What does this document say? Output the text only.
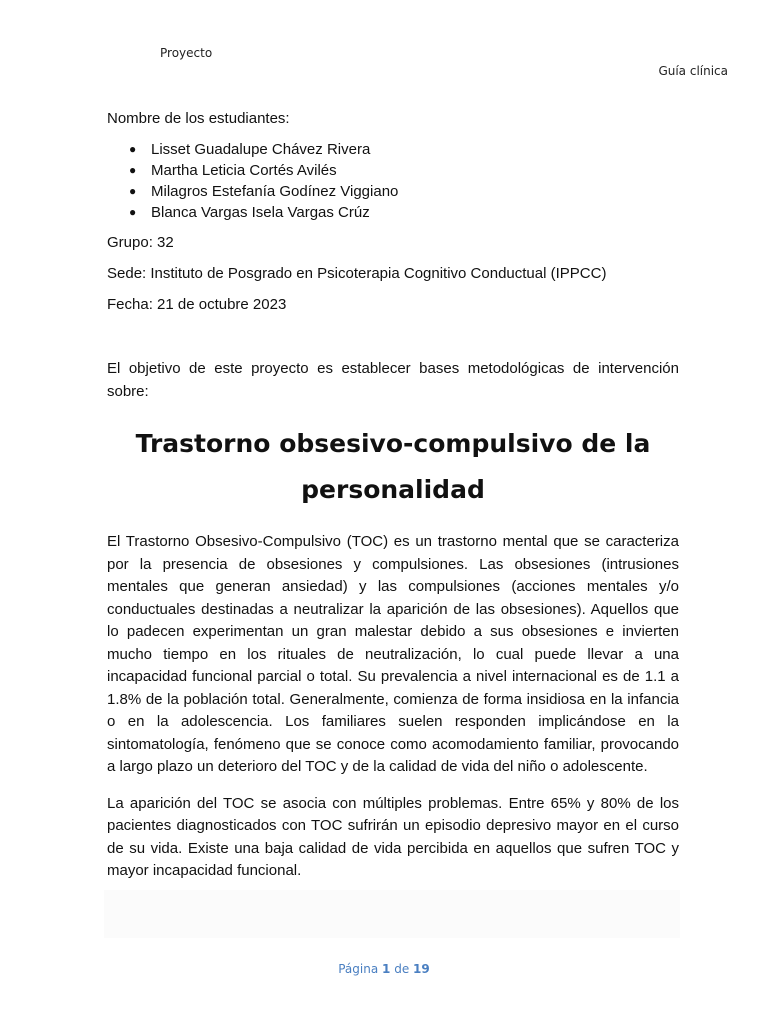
Proyecto
Guía clínica

Nombre de los estudiantes:

● Lisset Guadalupe Chávez Rivera
● Martha Leticia Cortés Avilés
● Milagros Estefanía Godínez Viggiano
● Blanca Vargas Isela Vargas Crúz

Grupo: 32

Sede: Instituto de Posgrado en Psicoterapia Cognitivo Conductual (IPPCC)

Fecha: 21 de octubre 2023

El objetivo de este proyecto es establecer bases metodológicas de intervención sobre:

Trastorno obsesivo-compulsivo de la personalidad

El Trastorno Obsesivo-Compulsivo (TOC) es un trastorno mental que se caracteriza por la presencia de obsesiones y compulsiones. Las obsesiones (intrusiones mentales que generan ansiedad) y las compulsiones (acciones mentales y/o conductuales destinadas a neutralizar la aparición de las obsesiones). Aquellos que lo padecen experimentan un gran malestar debido a sus obsesiones e invierten mucho tiempo en los rituales de neutralización, lo cual puede llevar a una incapacidad funcional parcial o total. Su prevalencia a nivel internacional es de 1.1 a 1.8% de la población total. Generalmente, comienza de forma insidiosa en la infancia o en la adolescencia. Los familiares suelen responden implicándose en la sintomatología, fenómeno que se conoce como acomodamiento familiar, provocando a largo plazo un deterioro del TOC y de la calidad de vida del niño o adolescente.

La aparición del TOC se asocia con múltiples problemas. Entre 65% y 80% de los pacientes diagnosticados con TOC sufrirán un episodio depresivo mayor en el curso de su vida. Existe una baja calidad de vida percibida en aquellos que sufren TOC y mayor incapacidad funcional.

Página 1 de 19
